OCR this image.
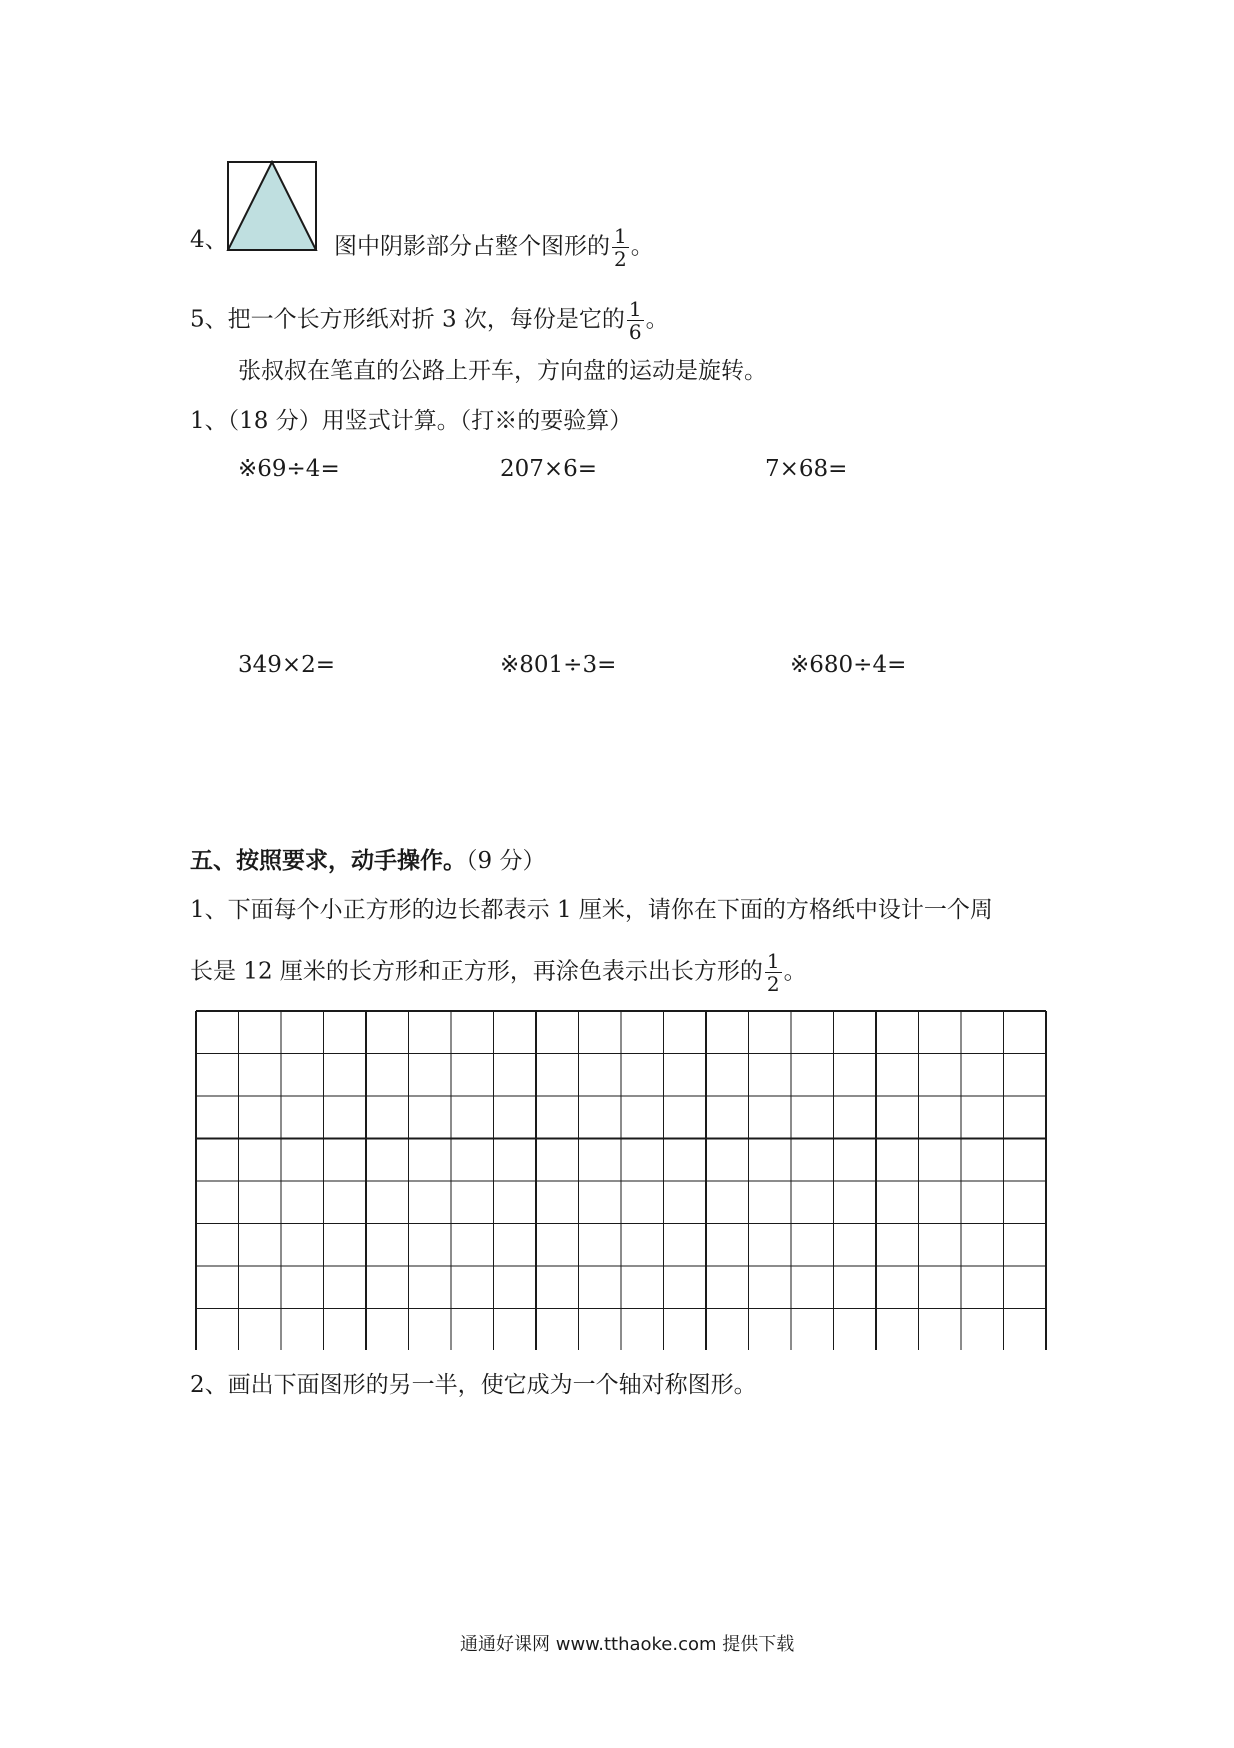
4、	图中阴影部分占整个图形的 $\frac{1}{2}$ 。
5、把一个长方形纸对折 3 次，每份是它的 $\frac{1}{6}$ 。
张叔叔在笔直的公路上开车，方向盘的运动是旋转。
1、（18 分）用竖式计算。（打※的要验算）
※69÷4=	207×6=	7×68=
349×2=	※801÷3=	※680÷4=
五、按照要求，动手操作。（9 分）
1、下面每个小正方形的边长都表示 1 厘米，请你在下面的方格纸中设计一个周
长是 12 厘米的长方形和正方形，再涂色表示出长方形的 $\frac{1}{2}$ 。
2、画出下面图形的另一半，使它成为一个轴对称图形。
通通好课网 www.tthaoke.com 提供下载
